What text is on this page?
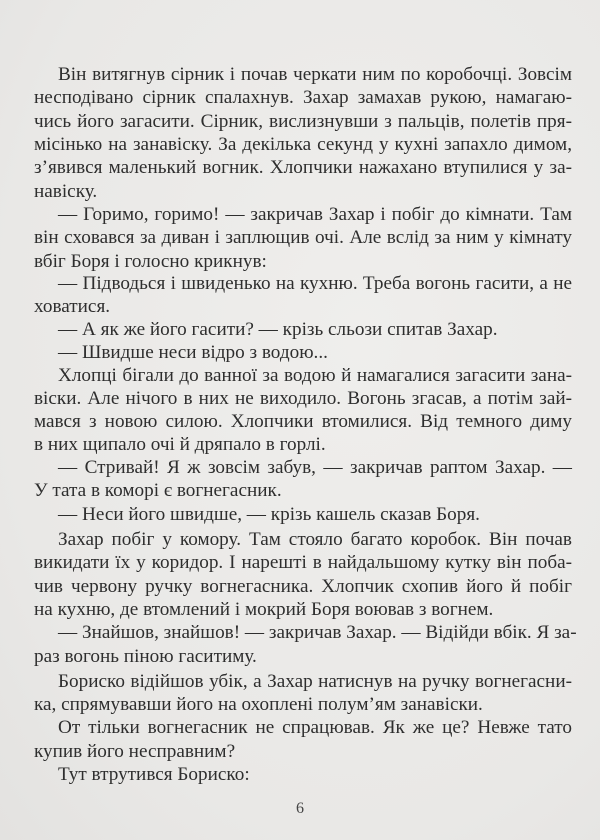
Він витягнув сірник і почав черкати ним по коробочці. Зовсім
несподівано сірник спалахнув. Захар замахав рукою, намагаю-
чись його загасити. Сірник, вислизнувши з пальців, полетів пря-
місінько на занавіску. За декілька секунд у кухні запахло димом,
з’явився маленький вогник. Хлопчики нажахано втупилися у за-
навіску.
— Горимо, горимо! — закричав Захар і побіг до кімнати. Там
він сховався за диван і заплющив очі. Але вслід за ним у кімнату
вбіг Боря і голосно крикнув:
— Підводься і швиденько на кухню. Треба вогонь гасити, а не
ховатися.
— А як же його гасити? — крізь сльози спитав Захар.
— Швидше неси відро з водою...
Хлопці бігали до ванної за водою й намагалися загасити зана-
віски. Але нічого в них не виходило. Вогонь згасав, а потім зай-
мався з новою силою. Хлопчики втомилися. Від темного диму
в них щипало очі й дряпало в горлі.
— Стривай! Я ж зовсім забув, — закричав раптом Захар. —
У тата в коморі є вогнегасник.
— Неси його швидше, — крізь кашель сказав Боря.
Захар побіг у комору. Там стояло багато коробок. Він почав
викидати їх у коридор. І нарешті в найдальшому кутку він поба-
чив червону ручку вогнегасника. Хлопчик схопив його й побіг
на кухню, де втомлений і мокрий Боря воював з вогнем.
— Знайшов, знайшов! — закричав Захар. — Відійди вбік. Я за-
раз вогонь піною гаситиму.
Бориско відійшов убік, а Захар натиснув на ручку вогнегасни-
ка, спрямувавши його на охоплені полум’ям занавіски.
От тільки вогнегасник не спрацював. Як же це? Невже тато
купив його несправним?
Тут втрутився Бориско:
6
